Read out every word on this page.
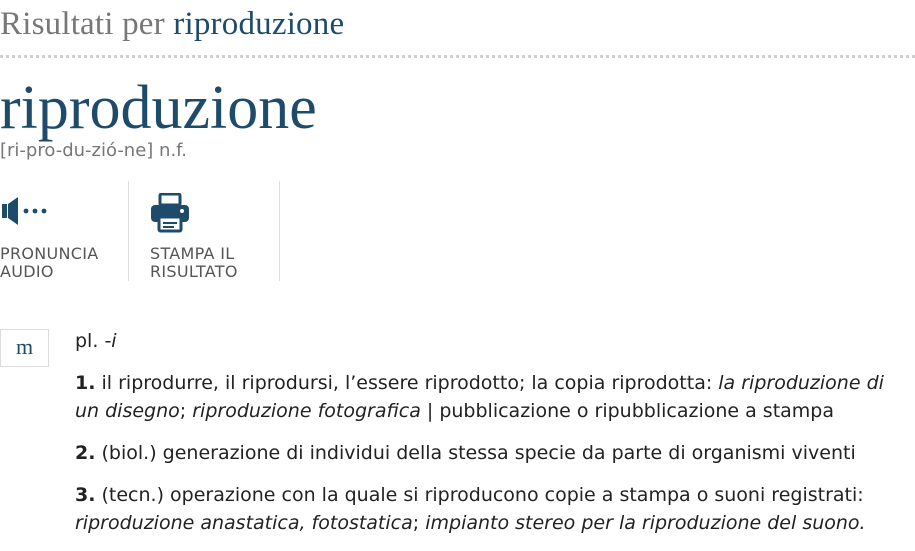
Risultati per riproduzione
riproduzione
[ri-pro-du-zió-ne] n.f.
PRONUNCIA
AUDIO
STAMPA IL
RISULTATO
m	pl. -i
1. il riprodurre, il riprodursi, l’essere riprodotto; la copia riprodotta: la riproduzione di un disegno; riproduzione fotografica | pubblicazione o ripubblicazione a stampa
2. (biol.) generazione di individui della stessa specie da parte di organismi viventi
3. (tecn.) operazione con la quale si riproducono copie a stampa o suoni registrati: riproduzione anastatica, fotostatica; impianto stereo per la riproduzione del suono.
